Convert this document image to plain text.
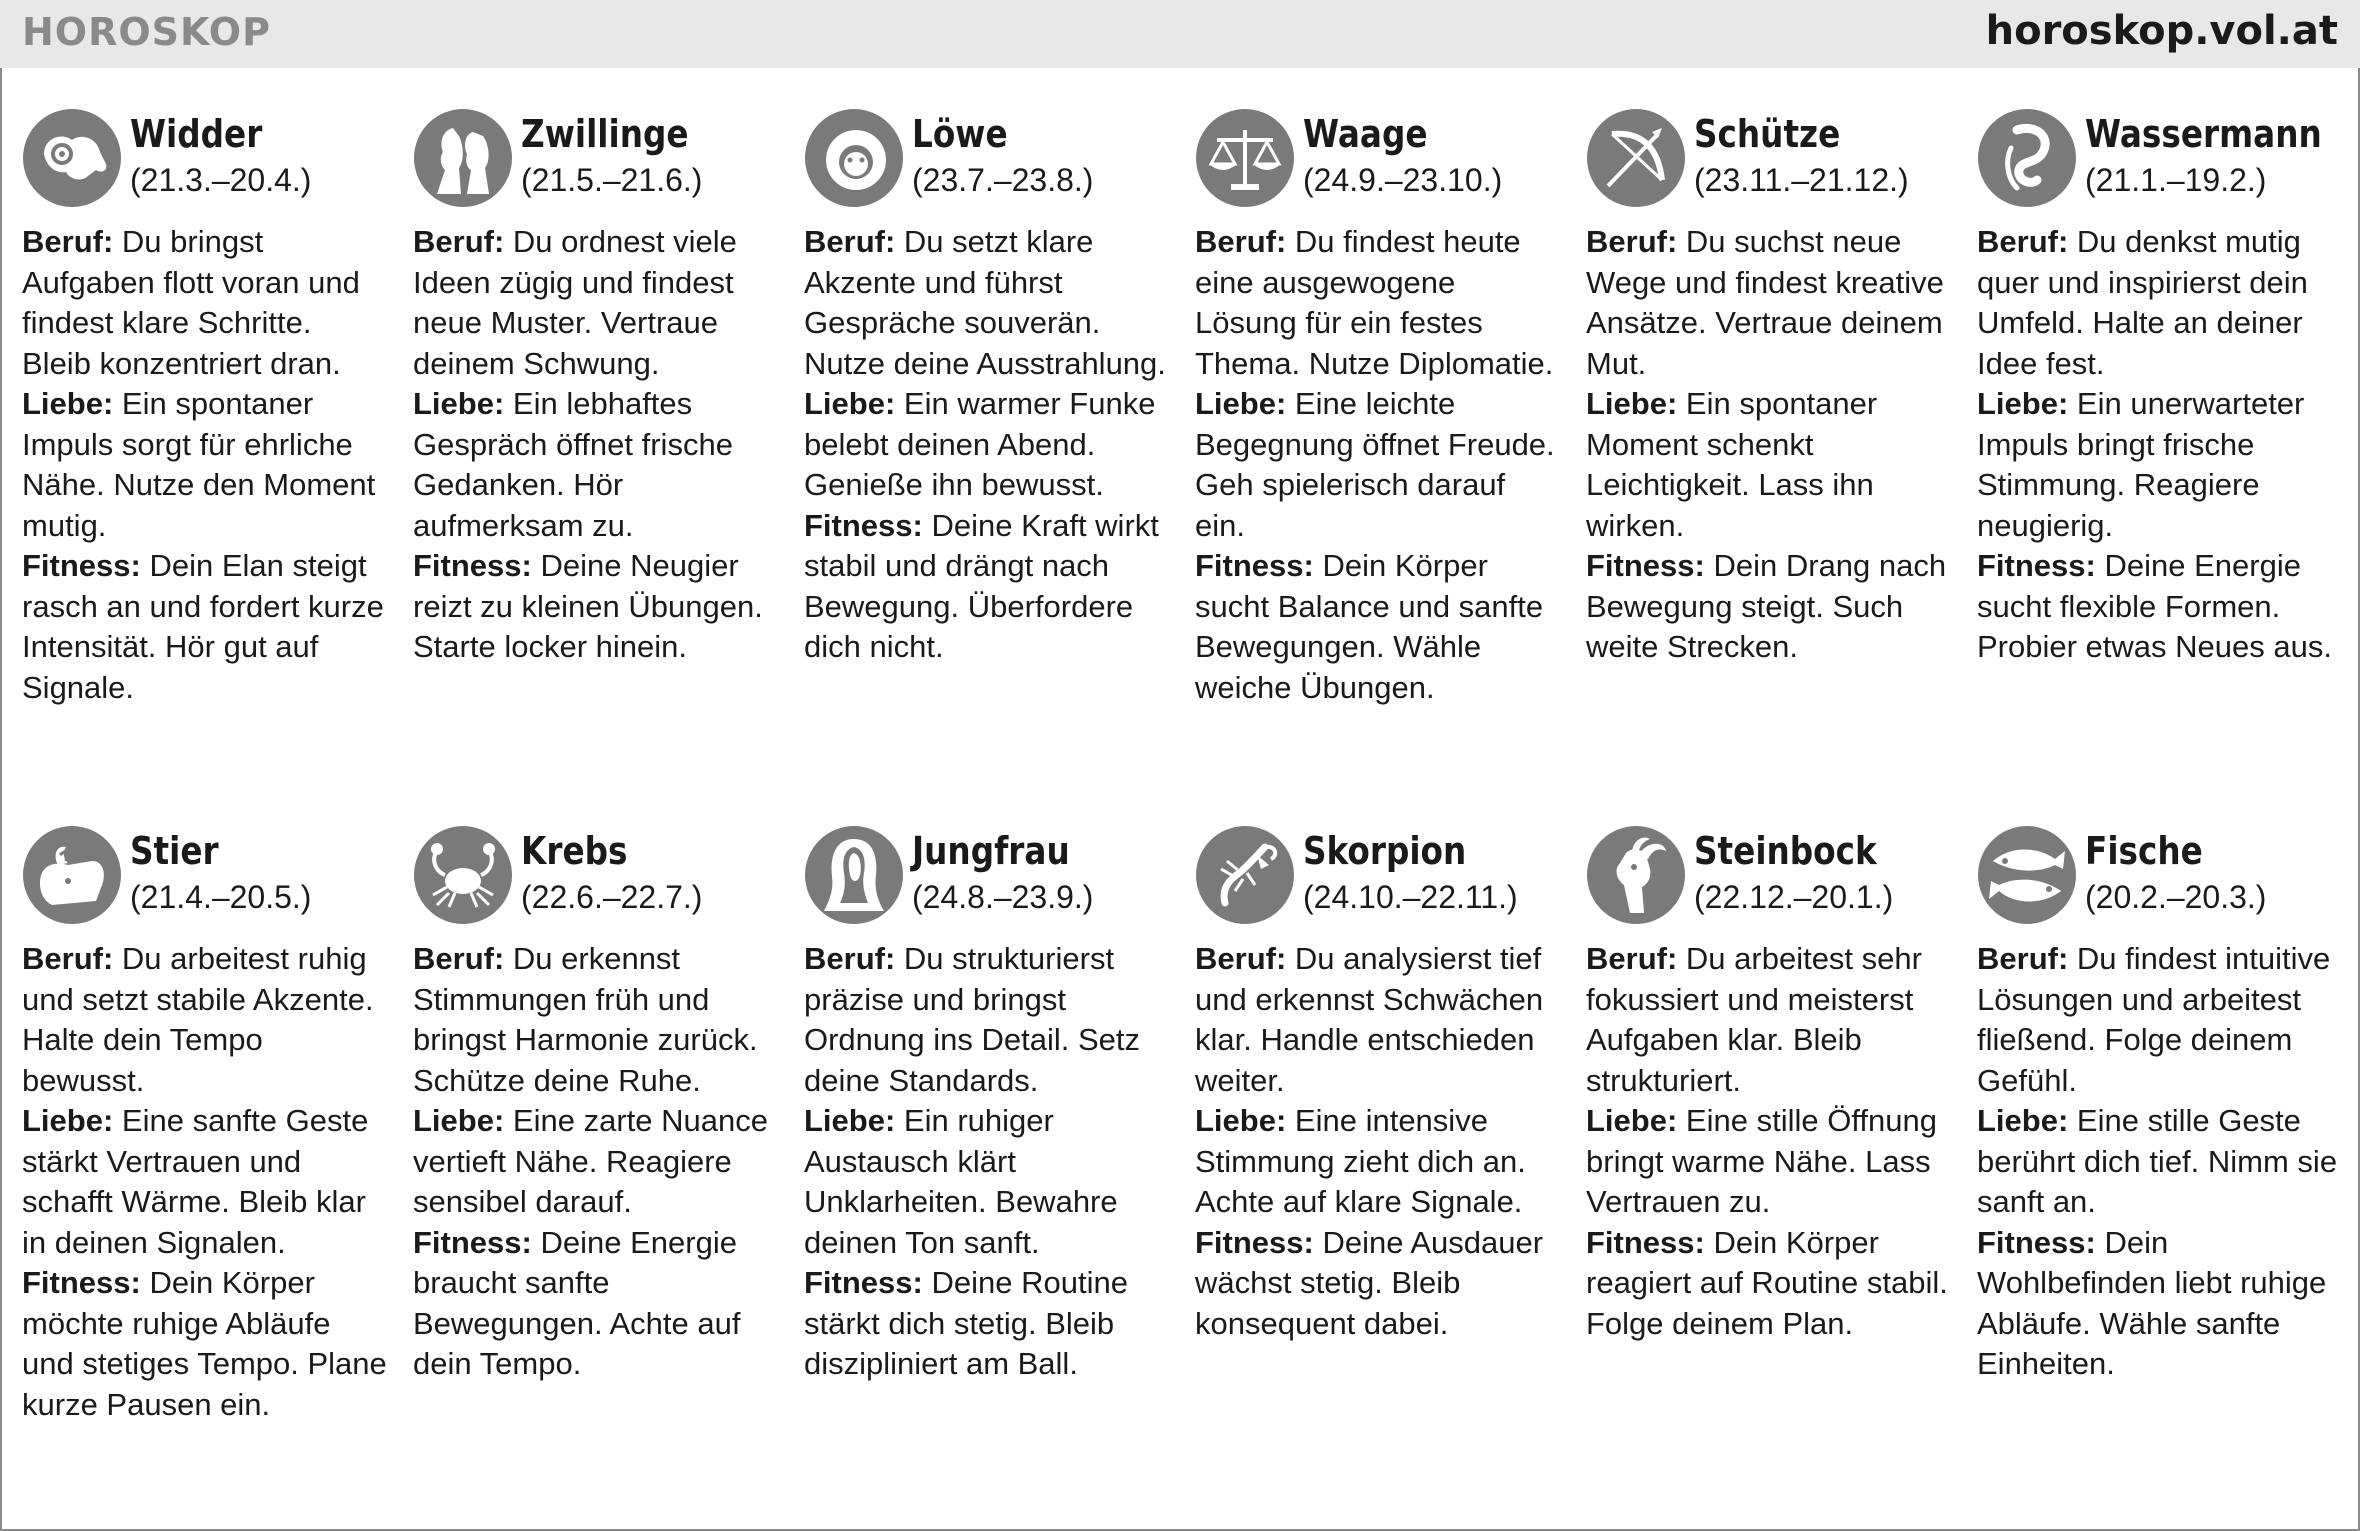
HOROSKOP	horoskop.vol.at
Widder
(21.3.–20.4.)
Beruf: Du bringst Aufgaben flott voran und findest klare Schritte. Bleib konzentriert dran.
Liebe: Ein spontaner Impuls sorgt für ehrliche Nähe. Nutze den Moment mutig.
Fitness: Dein Elan steigt rasch an und fordert kurze Intensität. Hör gut auf Signale.
Zwillinge
(21.5.–21.6.)
Beruf: Du ordnest viele Ideen zügig und findest neue Muster. Vertraue deinem Schwung.
Liebe: Ein lebhaftes Gespräch öffnet frische Gedanken. Hör aufmerksam zu.
Fitness: Deine Neugier reizt zu kleinen Übungen. Starte locker hinein.
Löwe
(23.7.–23.8.)
Beruf: Du setzt klare Akzente und führst Gespräche souverän. Nutze deine Ausstrahlung.
Liebe: Ein warmer Funke belebt deinen Abend. Genieße ihn bewusst.
Fitness: Deine Kraft wirkt stabil und drängt nach Bewegung. Überfordere dich nicht.
Waage
(24.9.–23.10.)
Beruf: Du findest heute eine ausgewogene Lösung für ein festes Thema. Nutze Diplomatie.
Liebe: Eine leichte Begegnung öffnet Freude. Geh spielerisch darauf ein.
Fitness: Dein Körper sucht Balance und sanfte Bewegungen. Wähle weiche Übungen.
Schütze
(23.11.–21.12.)
Beruf: Du suchst neue Wege und findest kreative Ansätze. Vertraue deinem Mut.
Liebe: Ein spontaner Moment schenkt Leichtigkeit. Lass ihn wirken.
Fitness: Dein Drang nach Bewegung steigt. Such weite Strecken.
Wassermann
(21.1.–19.2.)
Beruf: Du denkst mutig quer und inspirierst dein Umfeld. Halte an deiner Idee fest.
Liebe: Ein unerwarteter Impuls bringt frische Stimmung. Reagiere neugierig.
Fitness: Deine Energie sucht flexible Formen. Probier etwas Neues aus.
Stier
(21.4.–20.5.)
Beruf: Du arbeitest ruhig und setzt stabile Akzente. Halte dein Tempo bewusst.
Liebe: Eine sanfte Geste stärkt Vertrauen und schafft Wärme. Bleib klar in deinen Signalen.
Fitness: Dein Körper möchte ruhige Abläufe und stetiges Tempo. Plane kurze Pausen ein.
Krebs
(22.6.–22.7.)
Beruf: Du erkennst Stimmungen früh und bringst Harmonie zurück. Schütze deine Ruhe.
Liebe: Eine zarte Nuance vertieft Nähe. Reagiere sensibel darauf.
Fitness: Deine Energie braucht sanfte Bewegungen. Achte auf dein Tempo.
Jungfrau
(24.8.–23.9.)
Beruf: Du strukturierst präzise und bringst Ordnung ins Detail. Setz deine Standards.
Liebe: Ein ruhiger Austausch klärt Unklarheiten. Bewahre deinen Ton sanft.
Fitness: Deine Routine stärkt dich stetig. Bleib diszipliniert am Ball.
Skorpion
(24.10.–22.11.)
Beruf: Du analysierst tief und erkennst Schwächen klar. Handle entschieden weiter.
Liebe: Eine intensive Stimmung zieht dich an. Achte auf klare Signale.
Fitness: Deine Ausdauer wächst stetig. Bleib konsequent dabei.
Steinbock
(22.12.–20.1.)
Beruf: Du arbeitest sehr fokussiert und meisterst Aufgaben klar. Bleib strukturiert.
Liebe: Eine stille Öffnung bringt warme Nähe. Lass Vertrauen zu.
Fitness: Dein Körper reagiert auf Routine stabil. Folge deinem Plan.
Fische
(20.2.–20.3.)
Beruf: Du findest intuitive Lösungen und arbeitest fließend. Folge deinem Gefühl.
Liebe: Eine stille Geste berührt dich tief. Nimm sie sanft an.
Fitness: Dein Wohlbefinden liebt ruhige Abläufe. Wähle sanfte Einheiten.
